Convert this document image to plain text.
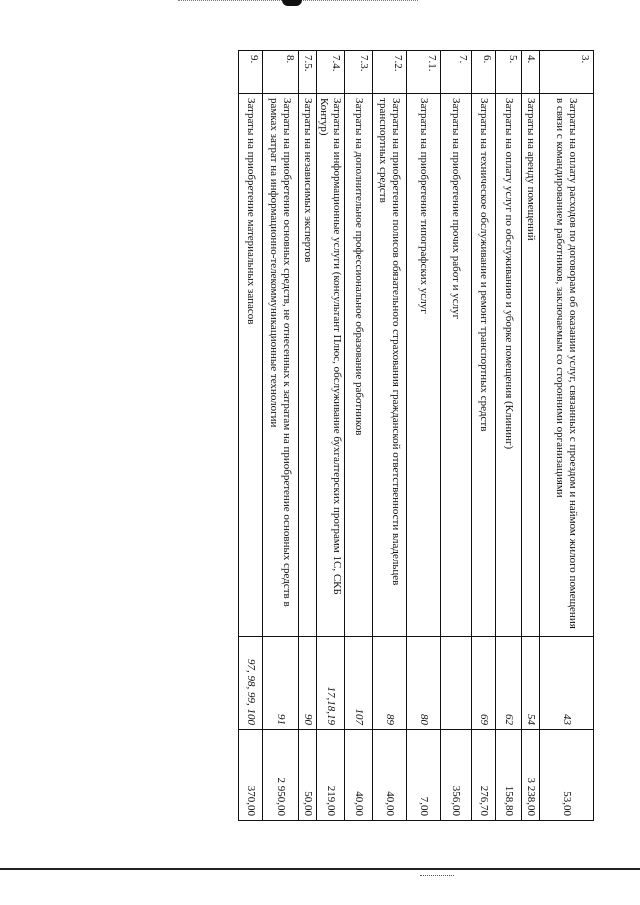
3.	Затраты на оплату расходов по договорам об оказании услуг, связанных с проездом и наймом жилого помещения в связи с командированием работников, заключаемым со сторонними организациями	43	53,00
4.	Затраты на аренду помещений	54	3 238,00
5.	Затраты на оплату услуг по обслуживанию и уборке помещения (Клининг)	62	158,80
6.	Затраты на техническое обслуживание и ремонт транспортных средств	69	276,70
7.	Затраты на приобретение прочих работ и услуг		356,00
7.1.	Затраты на приобретение типографских услуг	80	7,00
7.2.	Затраты на приобретение полисов обязательного страхования гражданской ответственности владельцев транспортных средств	89	40,00
7.3.	Затраты на дополнительное профессиональное образование работников	107	40,00
7.4.	Затраты на информационные услуги (консультант Плюс, обслуживание бухгалтерских программ 1С, СКБ Контур)	17,18,19	219,00
7.5.	Затраты на независимых экспертов	90	50,00
8.	Затраты на приобретение основных средств, не отнесенных к затратам на приобретение основных средств в рамках затрат на информационно-телекоммуникационные технологии	91	2 950,00
9.	Затраты на приобретение материальных запасов	97, 98, 99, 100	370,00
